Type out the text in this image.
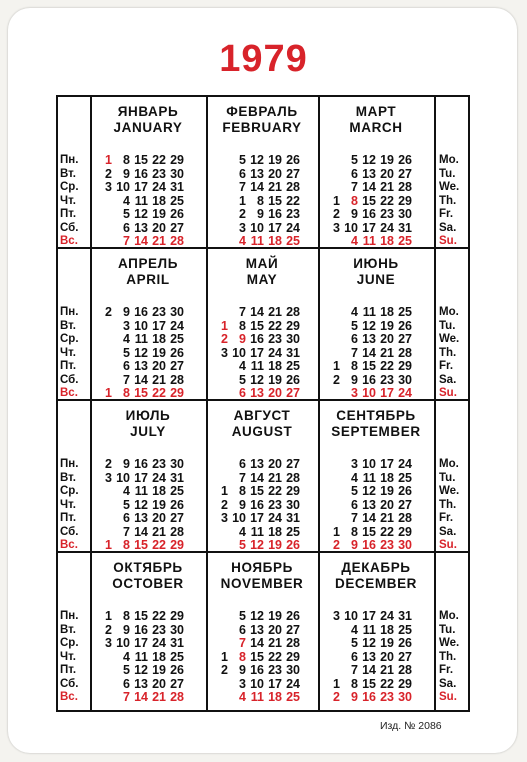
1979
ЯНВАРЬ
JANUARY
1 8 15 22 29
2 9 16 23 30
3 10 17 24 31
4 11 18 25
5 12 19 26
6 13 20 27
7 14 21 28
Пн.
Вт.
Ср.
Чт.
Пт.
Сб.
Вс.
Mo.
Tu.
We.
Th.
Fr.
Sa.
Su.
ФЕВРАЛЬ
FEBRUARY
5 12 19 26
6 13 20 27
7 14 21 28
1 8 15 22
2 9 16 23
3 10 17 24
4 11 18 25
МАРТ
MARCH
5 12 19 26
6 13 20 27
7 14 21 28
1 8 15 22 29
2 9 16 23 30
3 10 17 24 31
4 11 18 25
АПРЕЛЬ
APRIL
2 9 16 23 30
3 10 17 24
4 11 18 25
5 12 19 26
6 13 20 27
7 14 21 28
1 8 15 22 29
Пн.
Вт.
Ср.
Чт.
Пт.
Сб.
Вс.
Mo.
Tu.
We.
Th.
Fr.
Sa.
Su.
МАЙ
MAY
7 14 21 28
1 8 15 22 29
2 9 16 23 30
3 10 17 24 31
4 11 18 25
5 12 19 26
6 13 20 27
ИЮНЬ
JUNE
4 11 18 25
5 12 19 26
6 13 20 27
7 14 21 28
1 8 15 22 29
2 9 16 23 30
3 10 17 24
ИЮЛЬ
JULY
2 9 16 23 30
3 10 17 24 31
4 11 18 25
5 12 19 26
6 13 20 27
7 14 21 28
1 8 15 22 29
Пн.
Вт.
Ср.
Чт.
Пт.
Сб.
Вс.
Mo.
Tu.
We.
Th.
Fr.
Sa.
Su.
АВГУСТ
AUGUST
6 13 20 27
7 14 21 28
1 8 15 22 29
2 9 16 23 30
3 10 17 24 31
4 11 18 25
5 12 19 26
СЕНТЯБРЬ
SEPTEMBER
3 10 17 24
4 11 18 25
5 12 19 26
6 13 20 27
7 14 21 28
1 8 15 22 29
2 9 16 23 30
ОКТЯБРЬ
OCTOBER
1 8 15 22 29
2 9 16 23 30
3 10 17 24 31
4 11 18 25
5 12 19 26
6 13 20 27
7 14 21 28
Пн.
Вт.
Ср.
Чт.
Пт.
Сб.
Вс.
Mo.
Tu.
We.
Th.
Fr.
Sa.
Su.
НОЯБРЬ
NOVEMBER
5 12 19 26
6 13 20 27
7 14 21 28
1 8 15 22 29
2 9 16 23 30
3 10 17 24
4 11 18 25
ДЕКАБРЬ
DECEMBER
3 10 17 24 31
4 11 18 25
5 12 19 26
6 13 20 27
7 14 21 28
1 8 15 22 29
2 9 16 23 30
Изд. № 2086
